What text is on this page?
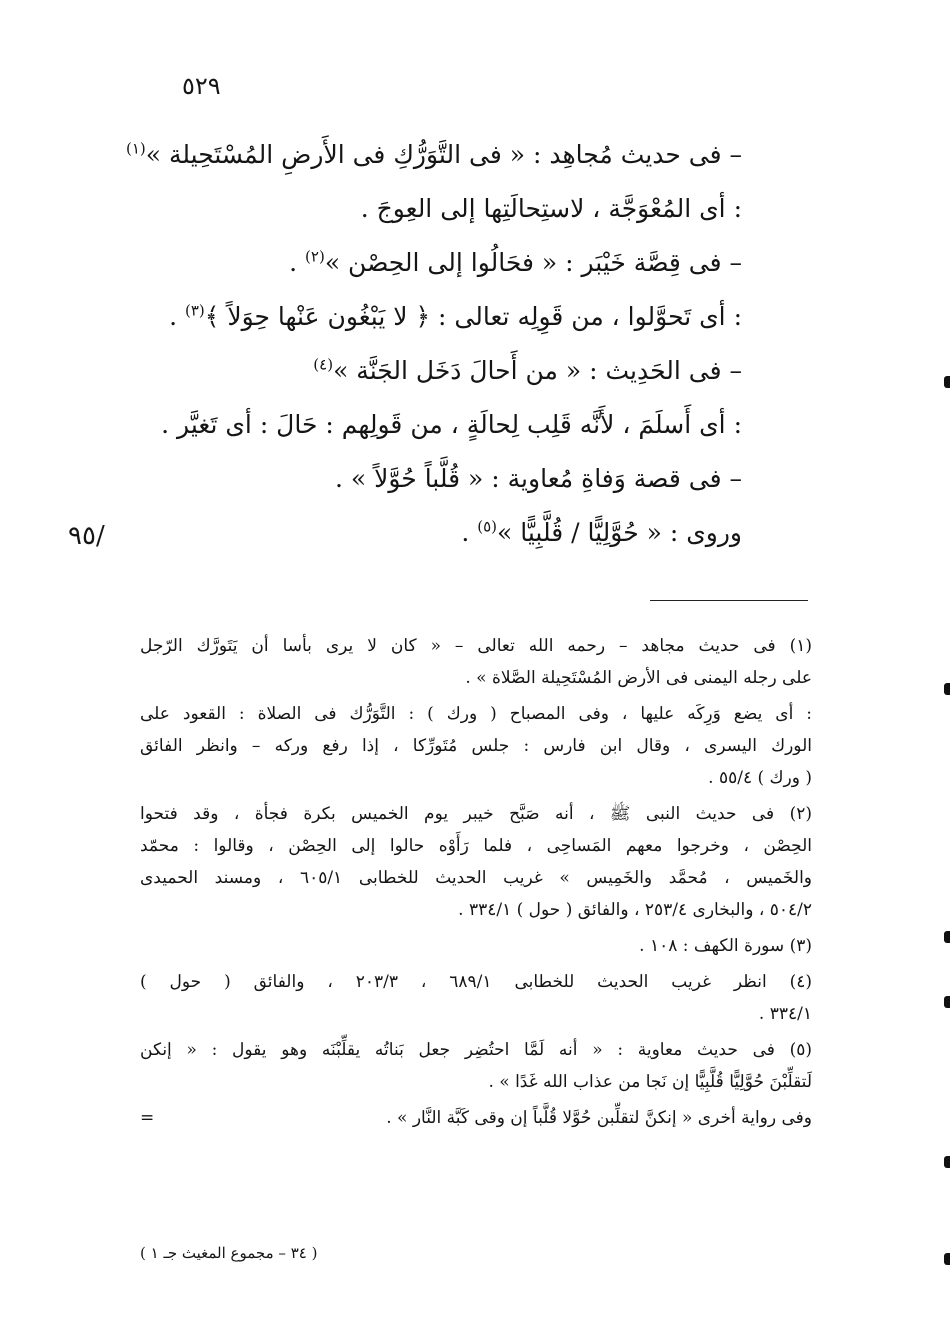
٥٢٩
٩٥/
– فى حديث مُجاهِد : « فى التَّوَرُّكِ فى الأَرضِ المُسْتَحِيلة »$^{(١)}$
: أى المُعْوَجَّة ، لاستِحالَتِها إلى العِوجَ .
– فى قِصَّة خَيْبَر : « فحَالُوا إلى الحِصْن »$^{(٢)}$ .
: أى تَحوَّلوا ، من قَوِلِه تعالى : ﴿ لا يَبْغُون عَنْها حِوَلاً ﴾$^{(٣)}$ .
– فى الحَدِيث : « من أَحالَ دَخَل الجَنَّة »$^{(٤)}$
: أى أَسلَمَ ، لأَنَّه قَلِب لِحالَةٍ ، من قَولِهم : حَالَ : أى تَغيَّر .
– فى قصة وَفاةِ مُعاوية : « قُلَّباً حُوَّلاً » .
وروى : « حُوَّلِيًّا / قُلَّبِيًّا »$^{(٥)}$ .
(١) فى حديث مجاهد – رحمه الله تعالى – « كان لا يرى بأسا أن يَتَورَّك الرّجل
على رجله اليمنى فى الأرض المُسْتَحِيلة الصَّلاة » .
: أى يضع وَرِكَه عليها ، وفى المصباح ( ورك ) : التَّوَرُّك فى الصلاة : القعود على
الورك اليسرى ، وقال ابن فارس : جلس مُتَورِّكا ، إذا رفع وركه – وانظر الفائق
( ورك ) ٥٥/٤ .
(٢) فى حديث النبى ﷺ ، أنه صَبَّح خيبر يوم الخميس بكرة فجأة ، وقد فتحوا
الحِصْن ، وخرجوا معهم المَساحِى ، فلما رَأَوْه حالوا إلى الحِصْن ، وقالوا : محمّد
والخَميس ، مُحمَّد والخَمِيس » غريب الحديث للخطابى ٦٠٥/١ ، ومسند الحميدى
٥٠٤/٢ ، والبخارى ٢٥٣/٤ ، والفائق ( حول ) ٣٣٤/١ .
(٣) سورة الكهف : ١٠٨ .
(٤) انظر غريب الحديث للخطابى ٦٨٩/١ ، ٢٠٣/٣ ، والفائق ( حول )
٣٣٤/١ .
(٥) فى حديث معاوية : « أنه لَمَّا احتُضِر جعل بَناتُه يقلِّبْنَه وهو يقول : « إنكن
لَتقلِّبْنَ حُوَّلِيًّا قُلَّبِيًّا إن نَجا من عذاب الله غَدًا » .
وفى رواية أخرى « إنكنَّ لتقلِّبن حُوَّلا قُلَّباً إن وقى كَبَّة النَّار » .
=
( ٣٤ – مجموع المغيث جـ ١ )
